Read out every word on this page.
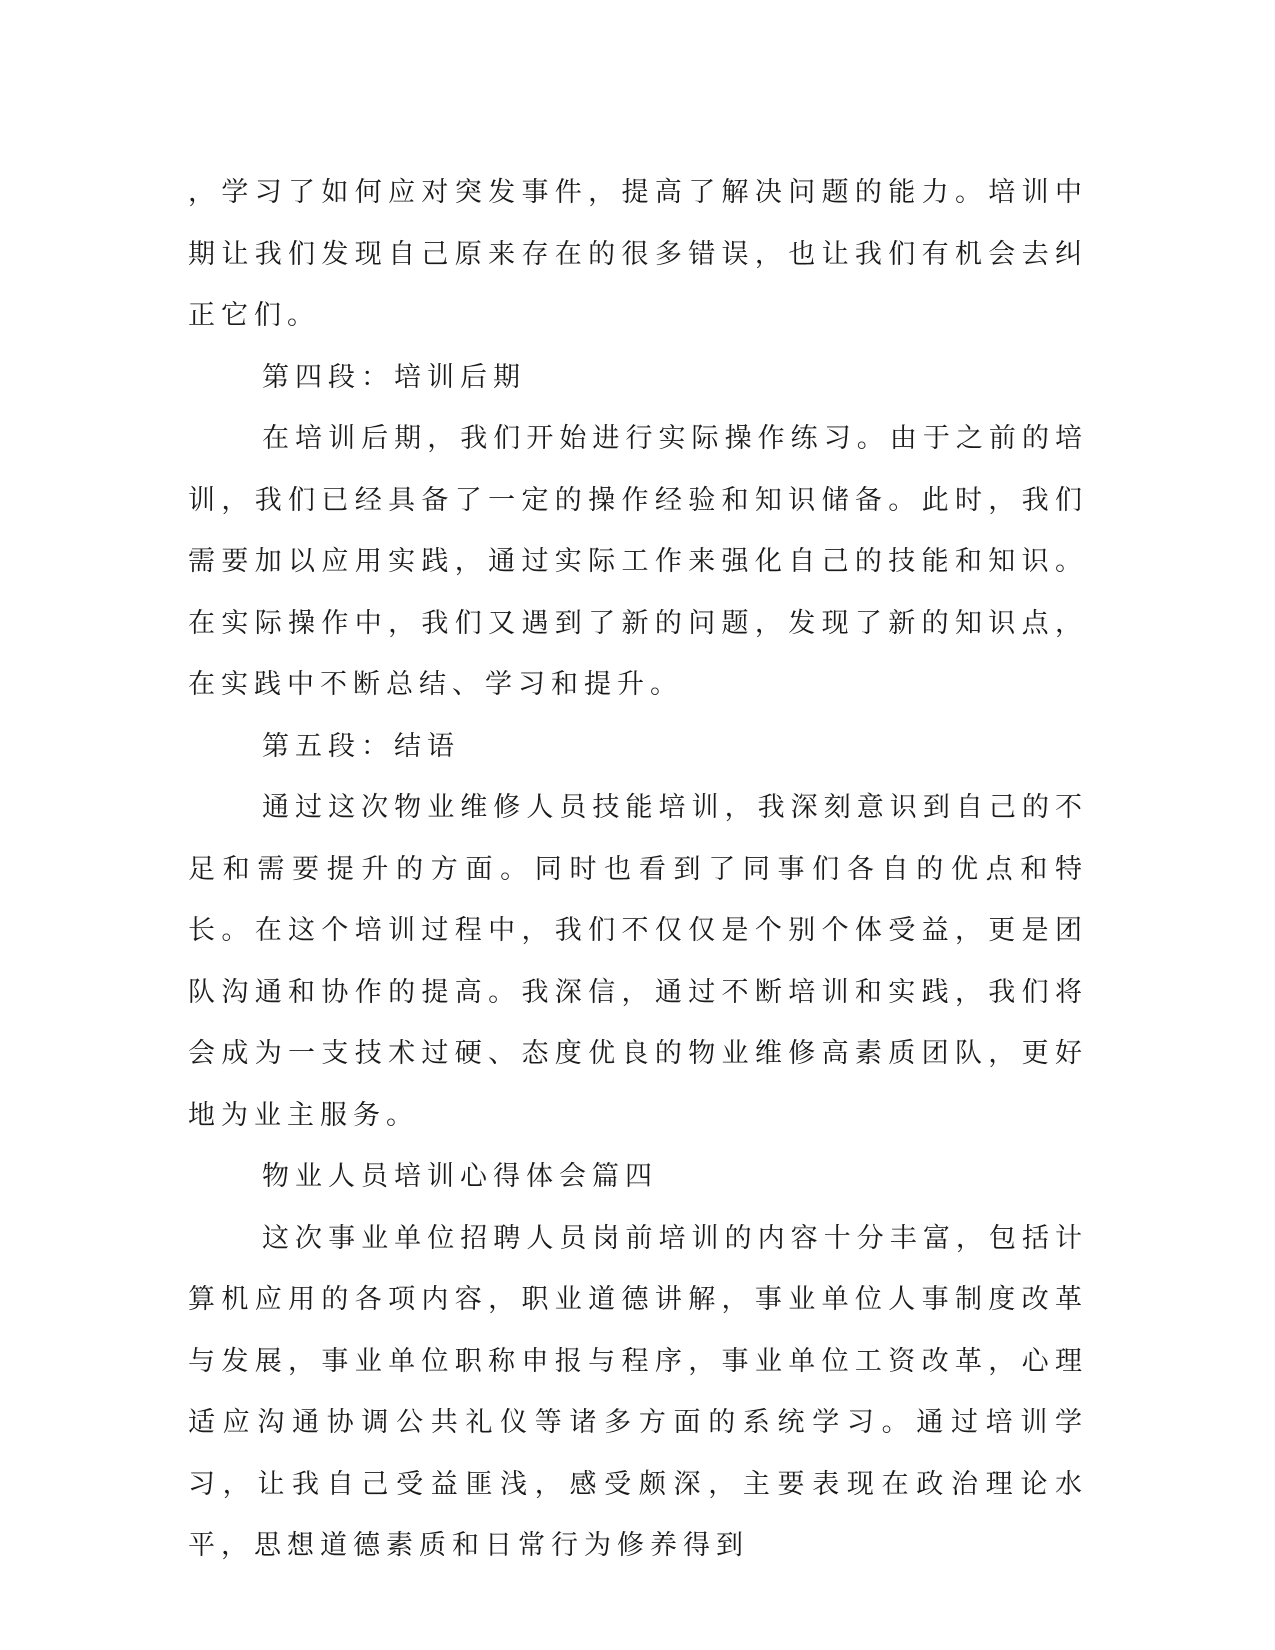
，学习了如何应对突发事件，提高了解决问题的能力。培训中期让我们发现自己原来存在的很多错误，也让我们有机会去纠正它们。

第四段：培训后期

在培训后期，我们开始进行实际操作练习。由于之前的培训，我们已经具备了一定的操作经验和知识储备。此时，我们需要加以应用实践，通过实际工作来强化自己的技能和知识。在实际操作中，我们又遇到了新的问题，发现了新的知识点，在实践中不断总结、学习和提升。

第五段：结语

通过这次物业维修人员技能培训，我深刻意识到自己的不足和需要提升的方面。同时也看到了同事们各自的优点和特长。在这个培训过程中，我们不仅仅是个别个体受益，更是团队沟通和协作的提高。我深信，通过不断培训和实践，我们将会成为一支技术过硬、态度优良的物业维修高素质团队，更好地为业主服务。

物业人员培训心得体会篇四

这次事业单位招聘人员岗前培训的内容十分丰富，包括计算机应用的各项内容，职业道德讲解，事业单位人事制度改革与发展，事业单位职称申报与程序，事业单位工资改革，心理适应沟通协调公共礼仪等诸多方面的系统学习。通过培训学习，让我自己受益匪浅，感受颇深，主要表现在政治理论水平，思想道德素质和日常行为修养得到
